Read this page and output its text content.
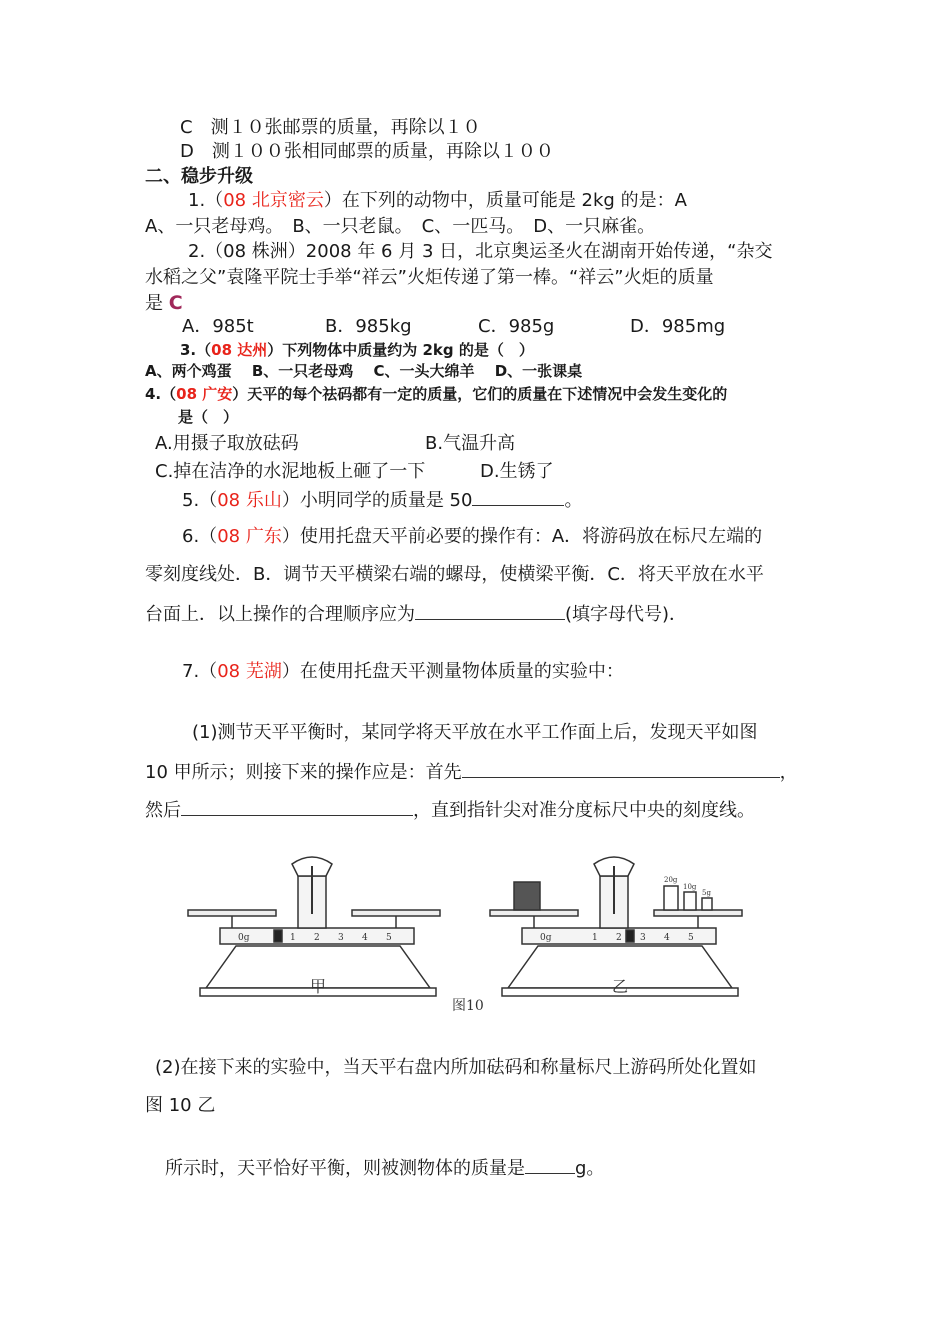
C　测１０张邮票的质量，再除以１０
D　测１００张相同邮票的质量，再除以１００
二、稳步升级
1.（08 北京密云）在下列的动物中，质量可能是 2kg 的是：A
A、一只老母鸡。　B、一只老鼠。　C、一匹马。　D、一只麻雀。
2.（08 株洲）2008 年 6 月 3 日，北京奥运圣火在湖南开始传递，“杂交
水稻之父”袁隆平院士手举“祥云”火炬传递了第一棒。“祥云”火炬的质量
是 C
A．985t	B．985kg	C．985g	D．985mg
3.（08 达州）下列物体中质量约为 2kg 的是（　）
A、两个鸡蛋　 B、一只老母鸡　 C、一头大绵羊　 D、一张课桌
4.（08 广安）天平的每个祛码都有一定的质量，它们的质量在下述情况中会发生变化的
是（　）
A.用摄子取放砝码	B.气温升高
C.掉在洁净的水泥地板上砸了一下	D.生锈了
5.（08 乐山）小明同学的质量是 50	。
6.（08 广东）使用托盘天平前必要的操作有：A．将游码放在标尺左端的
零刻度线处．B．调节天平横梁右端的螺母，使横梁平衡．C．将天平放在水平
台面上．以上操作的合理顺序应为	(填字母代号)．
7.（08 芜湖）在使用托盘天平测量物体质量的实验中：
(1)测节天平平衡时，某同学将天平放在水平工作面上后，发现天平如图
10 甲所示；则接下来的操作应是：首先	，
然后	，直到指针尖对准分度标尺中央的刻度线。
0g	1 2 3 4 5
甲
20g
10g
5g
0g	1 2 3 4 5
乙
图10
(2)在接下来的实验中，当天平右盘内所加砝码和称量标尺上游码所处化置如
图 10 乙
所示时，天平恰好平衡，则被测物体的质量是	g。
